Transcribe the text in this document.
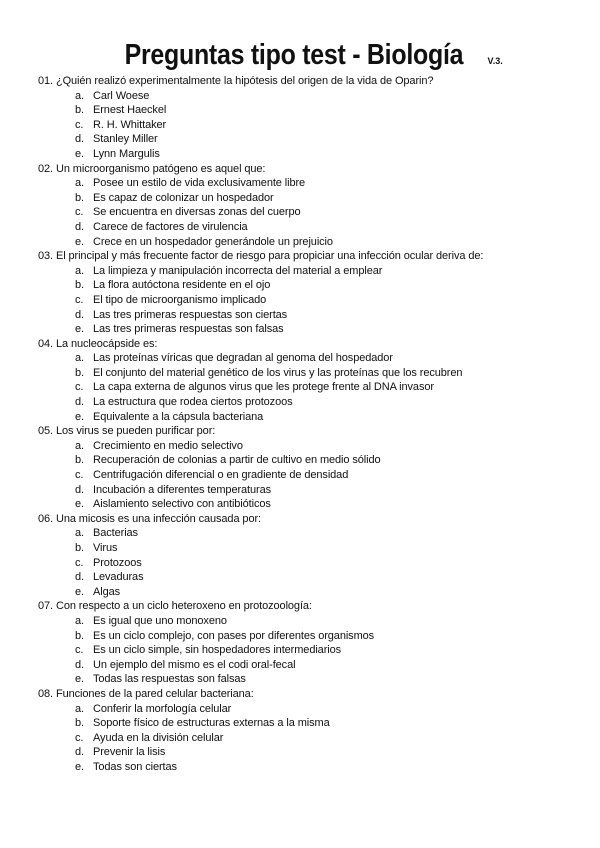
Preguntas tipo test - Biología	V.3.
01. ¿Quién realizó experimentalmente la hipótesis del origen de la vida de Oparin?
a. Carl Woese
b. Ernest Haeckel
c. R. H. Whittaker
d. Stanley Miller
e. Lynn Margulis
02. Un microorganismo patógeno es aquel que:
a. Posee un estilo de vida exclusivamente libre
b. Es capaz de colonizar un hospedador
c. Se encuentra en diversas zonas del cuerpo
d. Carece de factores de virulencia
e. Crece en un hospedador generándole un prejuicio
03. El principal y más frecuente factor de riesgo para propiciar una infección ocular deriva de:
a. La limpieza y manipulación incorrecta del material a emplear
b. La flora autóctona residente en el ojo
c. El tipo de microorganismo implicado
d. Las tres primeras respuestas son ciertas
e. Las tres primeras respuestas son falsas
04. La nucleocápside es:
a. Las proteínas víricas que degradan al genoma del hospedador
b. El conjunto del material genético de los virus y las proteínas que los recubren
c. La capa externa de algunos virus que les protege frente al DNA invasor
d. La estructura que rodea ciertos protozoos
e. Equivalente a la cápsula bacteriana
05. Los virus se pueden purificar por:
a. Crecimiento en medio selectivo
b. Recuperación de colonias a partir de cultivo en medio sólido
c. Centrifugación diferencial o en gradiente de densidad
d. Incubación a diferentes temperaturas
e. Aislamiento selectivo con antibióticos
06. Una micosis es una infección causada por:
a. Bacterias
b. Virus
c. Protozoos
d. Levaduras
e. Algas
07. Con respecto a un ciclo heteroxeno en protozoología:
a. Es igual que uno monoxeno
b. Es un ciclo complejo, con pases por diferentes organismos
c. Es un ciclo simple, sin hospedadores intermediarios
d. Un ejemplo del mismo es el codi oral-fecal
e. Todas las respuestas son falsas
08. Funciones de la pared celular bacteriana:
a. Conferir la morfología celular
b. Soporte físico de estructuras externas a la misma
c. Ayuda en la división celular
d. Prevenir la lisis
e. Todas son ciertas
